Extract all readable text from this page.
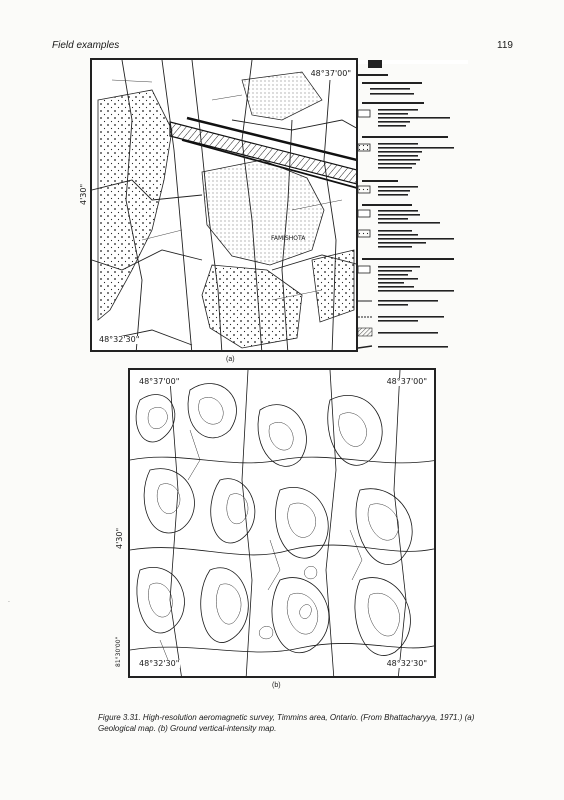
Field examples	119
48°37'00"
48°32'30"
FAMISHOTA
4'30"
(a)
48°37'00"	48°37'00"
48°32'30"	48°32'30"
4'30"
81°30'00"
(b)
Figure 3.31. High-resolution aeromagnetic survey, Timmins area, Ontario. (From Bhattacharyya, 1971.) (a) Geological map. (b) Ground vertical-intensity map.
˙
